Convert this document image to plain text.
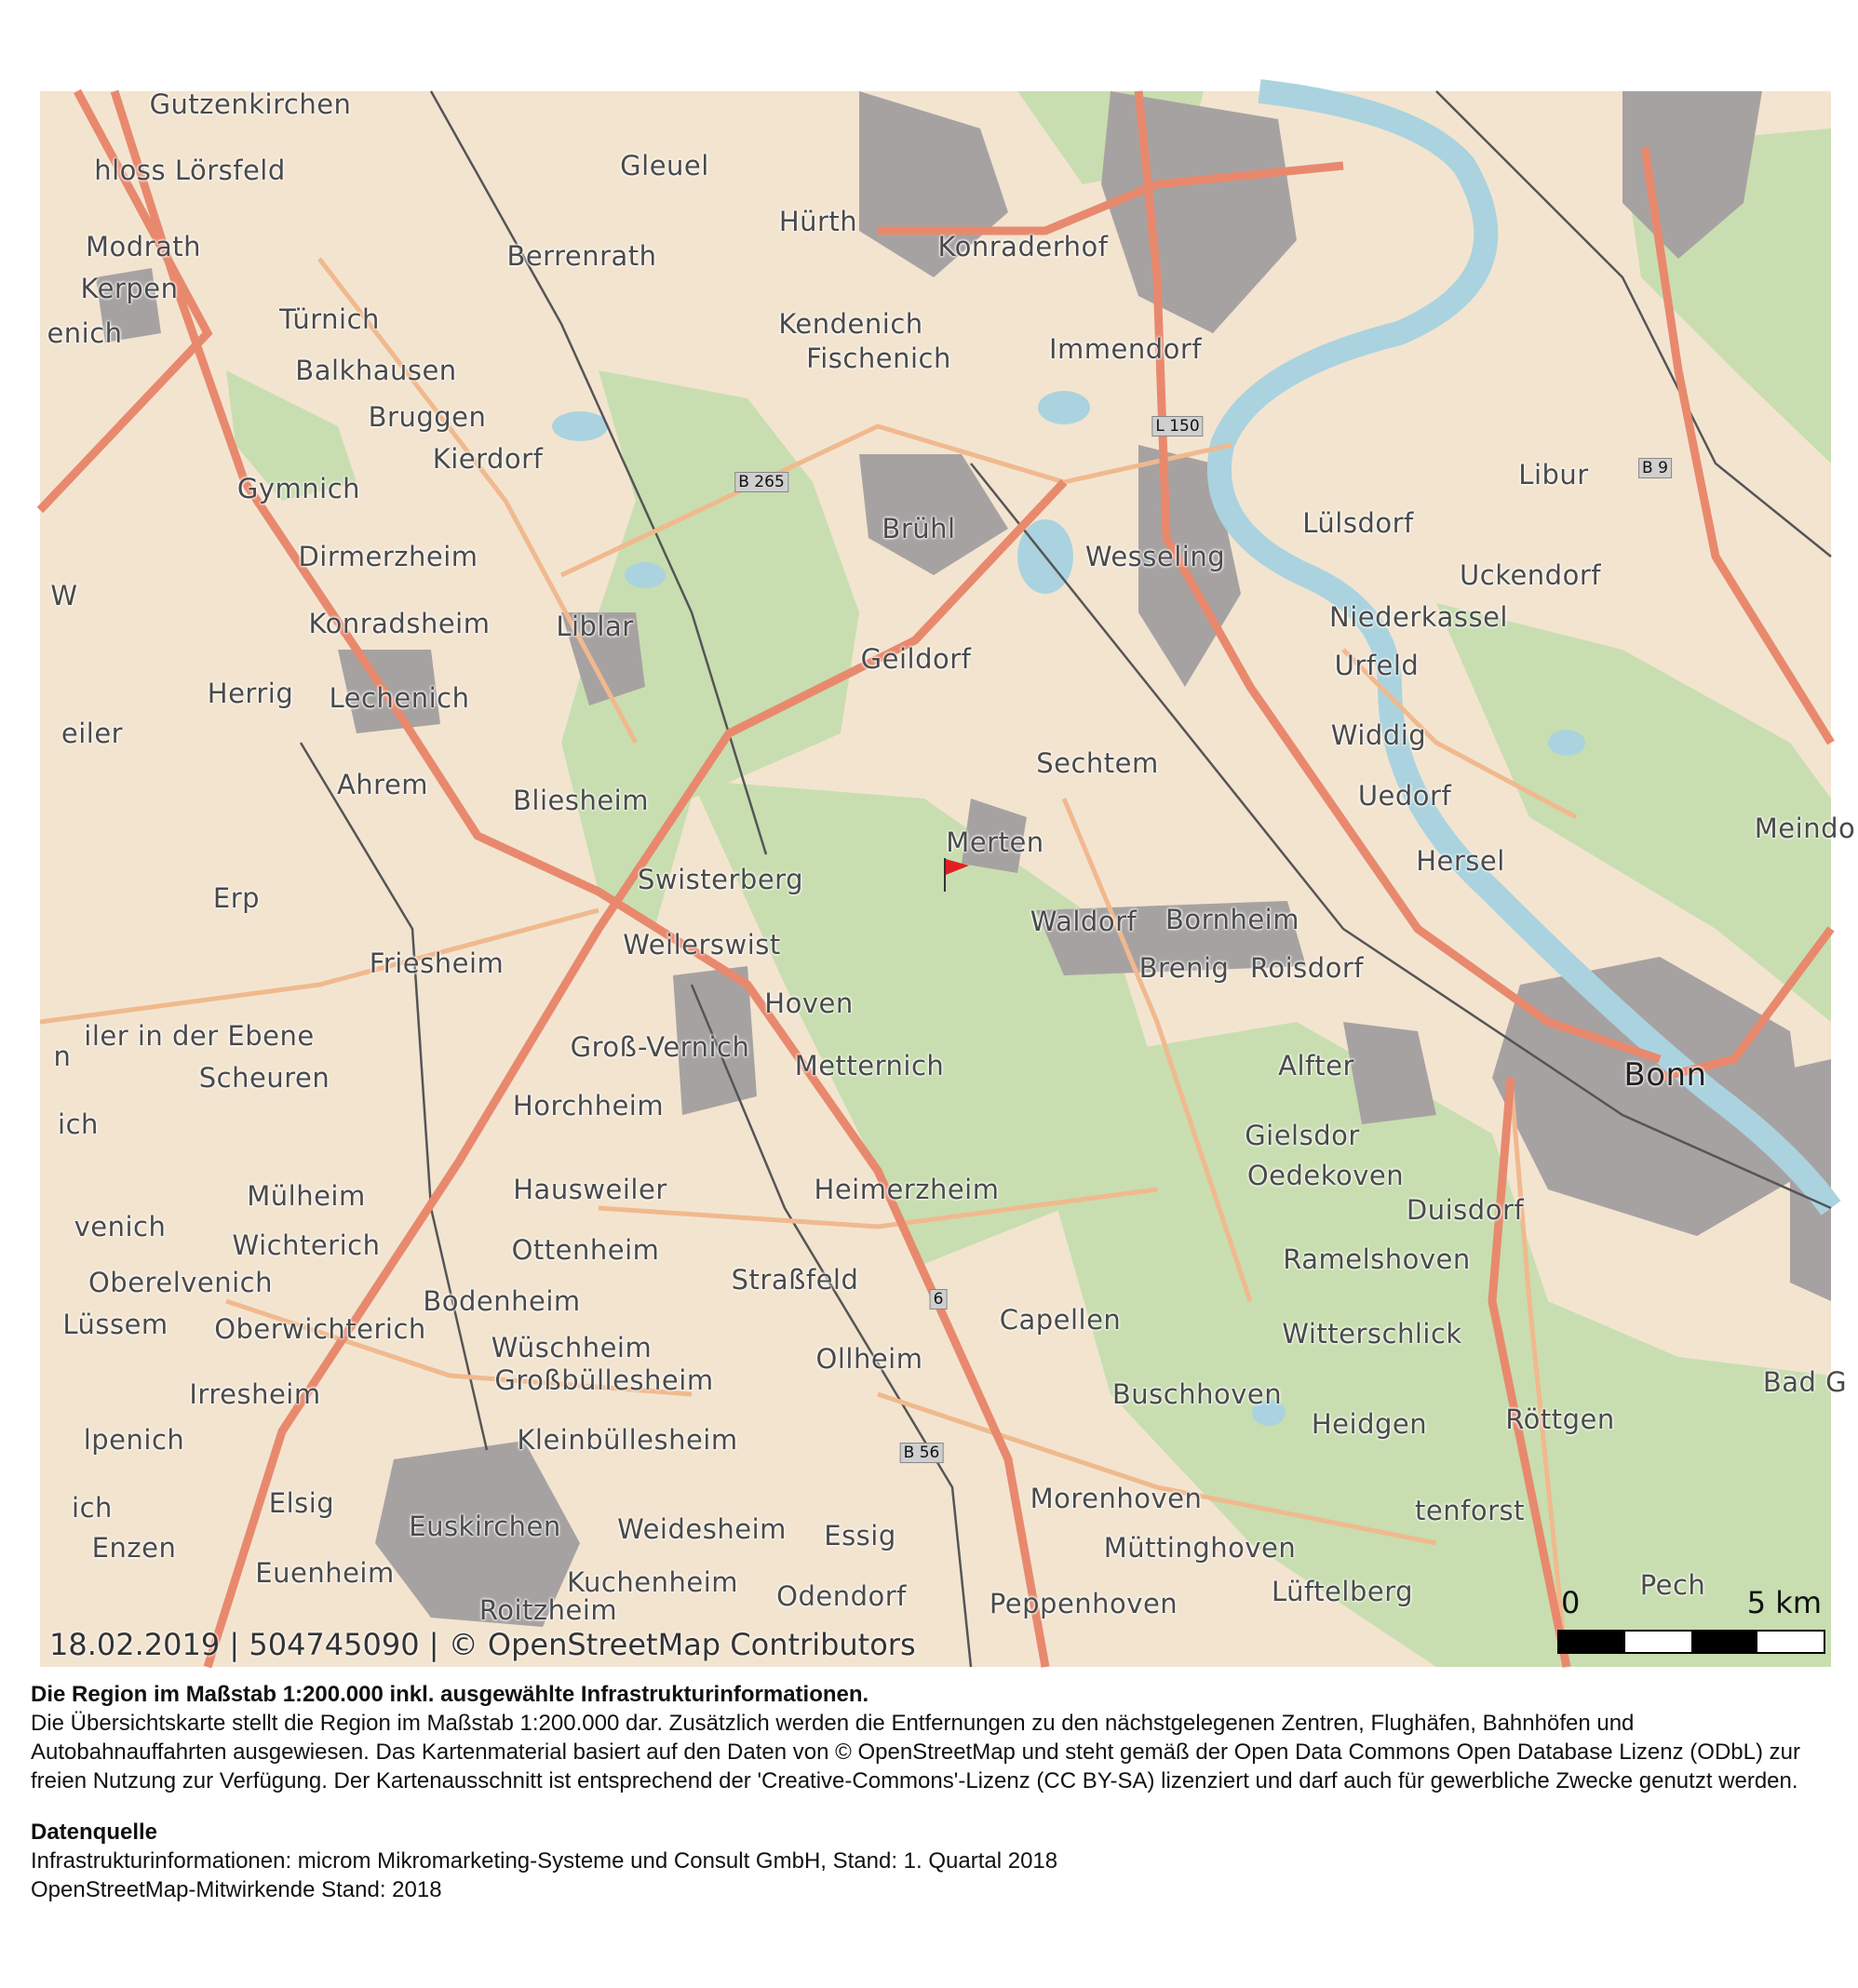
Gutzenkirchen
hloss Lörsfeld	Gleuel
Modrath
Hürth
Berrenrath	Konraderhof
Kerpen
enich	Türnich	Kendenich
Fischenich	Immendorf
Balkhausen
Bruggen
Kierdorf	Libur
Gymnich
Brühl	Lülsdorf
Dirmerzheim	Wesseling
Uckendorf
W
Konradsheim Liblar	Niederkassel
Geildorf	Urfeld
Herrig Lechenich
Widdig
eiler
Sechtem
Ahrem	Bliesheim	Uedorf
Meindo
Merten
Swisterberg
Hersel
Erp
Waldorf Bornheim
Weilerswist
Friesheim	Brenig Roisdorf
Hoven
iler in der Ebene	Groß-Vernich
n	Metternich	Alfter
Scheuren	Bonn
Horchheim
ich	Gielsdor
Oedekoven
Hausweiler	Heimerzheim
Mülheim	Duisdorf
venich
Wichterich	Ottenheim	Ramelshoven
Oberelvenich	Straßfeld
Bodenheim
Capellen
Lüssem Oberwichterich	Witterschlick
Wüschheim	Ollheim
Großbüllesheim	Bad G
Irresheim	Buschhoven
Heidgen	Röttgen
lpenich	Kleinbüllesheim
Morenhoven
ich	Elsig	tenforst
Euskirchen Weidesheim Essig
Enzen	Müttinghoven
Euenheim	Kuchenheim	Pech
Odendorf	Lüftelberg
Roitzheim	Peppenhoven
B 265
L 150
B 9
B 56
6
18.02.2019 | 504745090 | © OpenStreetMap Contributors
0	5 km
Die Region im Maßstab 1:200.000 inkl. ausgewählte Infrastrukturinformationen.
Die Übersichtskarte stellt die Region im Maßstab 1:200.000 dar. Zusätzlich werden die Entfernungen zu den nächstgelegenen Zentren, Flughäfen, Bahnhöfen und Autobahnauffahrten ausgewiesen. Das Kartenmaterial basiert auf den Daten von © OpenStreetMap und steht gemäß der Open Data Commons Open Database Lizenz (ODbL) zur freien Nutzung zur Verfügung. Der Kartenausschnitt ist entsprechend der 'Creative-Commons'-Lizenz (CC BY-SA) lizenziert und darf auch für gewerbliche Zwecke genutzt werden.
Datenquelle
Infrastrukturinformationen: microm Mikromarketing-Systeme und Consult GmbH, Stand: 1. Quartal 2018
OpenStreetMap-Mitwirkende Stand: 2018
